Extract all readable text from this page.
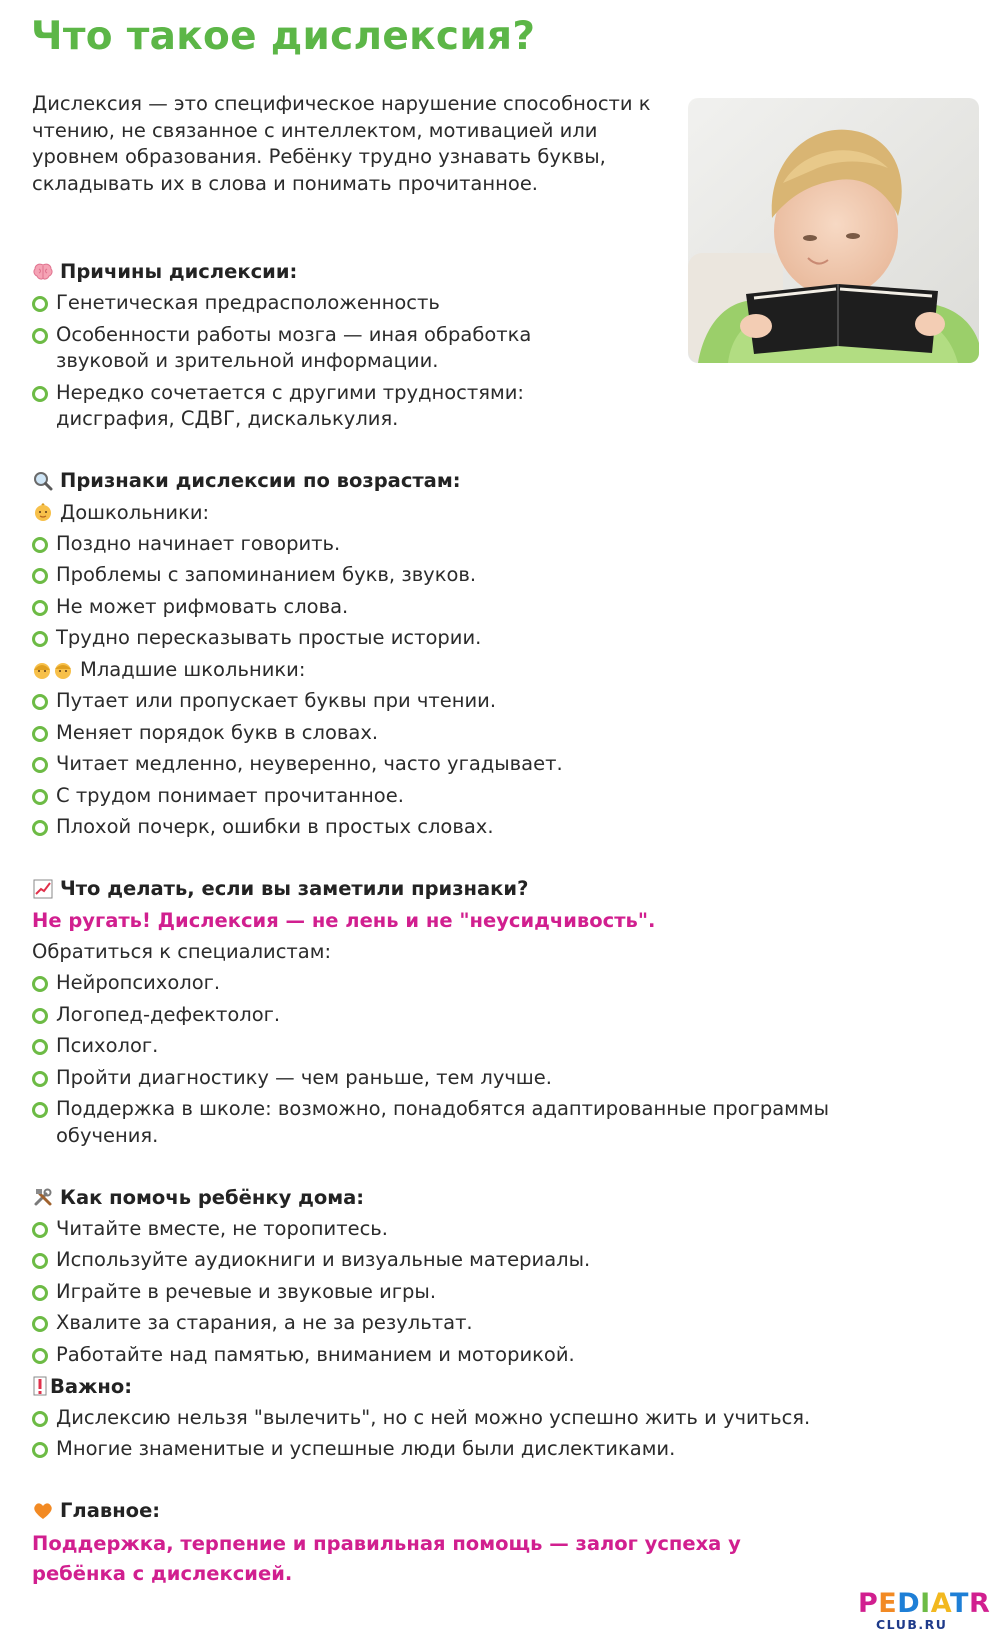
Что такое дислексия?
Дислексия — это специфическое нарушение способности к чтению, не связанное с интеллектом, мотивацией или уровнем образования. Ребёнку трудно узнавать буквы, складывать их в слова и понимать прочитанное.
Причины дислексии:
Генетическая предрасположенность
Особенности работы мозга — иная обработка звуковой и зрительной информации.
Нередко сочетается с другими трудностями: дисграфия, СДВГ, дискалькулия.
Признаки дислексии по возрастам:
Дошкольники:
Поздно начинает говорить.
Проблемы с запоминанием букв, звуков.
Не может рифмовать слова.
Трудно пересказывать простые истории.
Младшие школьники:
Путает или пропускает буквы при чтении.
Меняет порядок букв в словах.
Читает медленно, неуверенно, часто угадывает.
С трудом понимает прочитанное.
Плохой почерк, ошибки в простых словах.
Что делать, если вы заметили признаки?
Не ругать! Дислексия — не лень и не "неусидчивость".
Обратиться к специалистам:
Нейропсихолог.
Логопед-дефектолог.
Психолог.
Пройти диагностику — чем раньше, тем лучше.
Поддержка в школе: возможно, понадобятся адаптированные программы обучения.
Как помочь ребёнку дома:
Читайте вместе, не торопитесь.
Используйте аудиокниги и визуальные материалы.
Играйте в речевые и звуковые игры.
Хвалите за старания, а не за результат.
Работайте над памятью, вниманием и моторикой.
Важно:
Дислексию нельзя "вылечить", но с ней можно успешно жить и учиться.
Многие знаменитые и успешные люди были дислектиками.
Главное:
Поддержка, терпение и правильная помощь — залог успеха у ребёнка с дислексией.
PEDIATR
CLUB.RU
